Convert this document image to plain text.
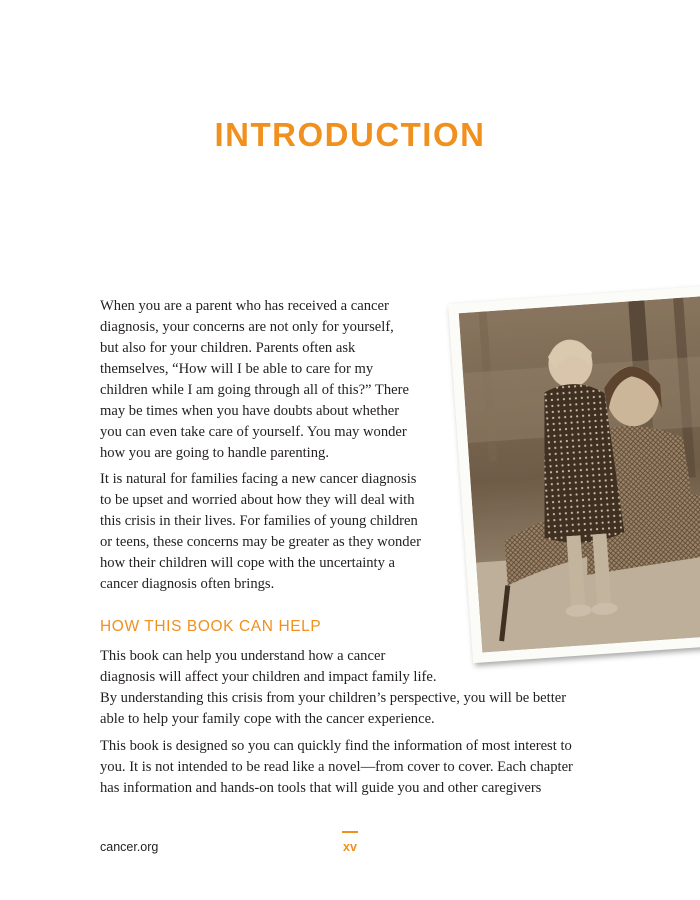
INTRODUCTION
When you are a parent who has received a cancer
diagnosis, your concerns are not only for yourself,
but also for your children. Parents often ask
themselves, “How will I be able to care for my
children while I am going through all of this?” There
may be times when you have doubts about whether
you can even take care of yourself. You may wonder
how you are going to handle parenting.
It is natural for families facing a new cancer diagnosis
to be upset and worried about how they will deal with
this crisis in their lives. For families of young children
or teens, these concerns may be greater as they wonder
how their children will cope with the uncertainty a
cancer diagnosis often brings.
HOW THIS BOOK CAN HELP
This book can help you understand how a cancer
diagnosis will affect your children and impact family life.
By understanding this crisis from your children’s perspective, you will be better
able to help your family cope with the cancer experience.
This book is designed so you can quickly find the information of most interest to
you. It is not intended to be read like a novel—from cover to cover. Each chapter
has information and hands-on tools that will guide you and other caregivers
cancer.org	xv
